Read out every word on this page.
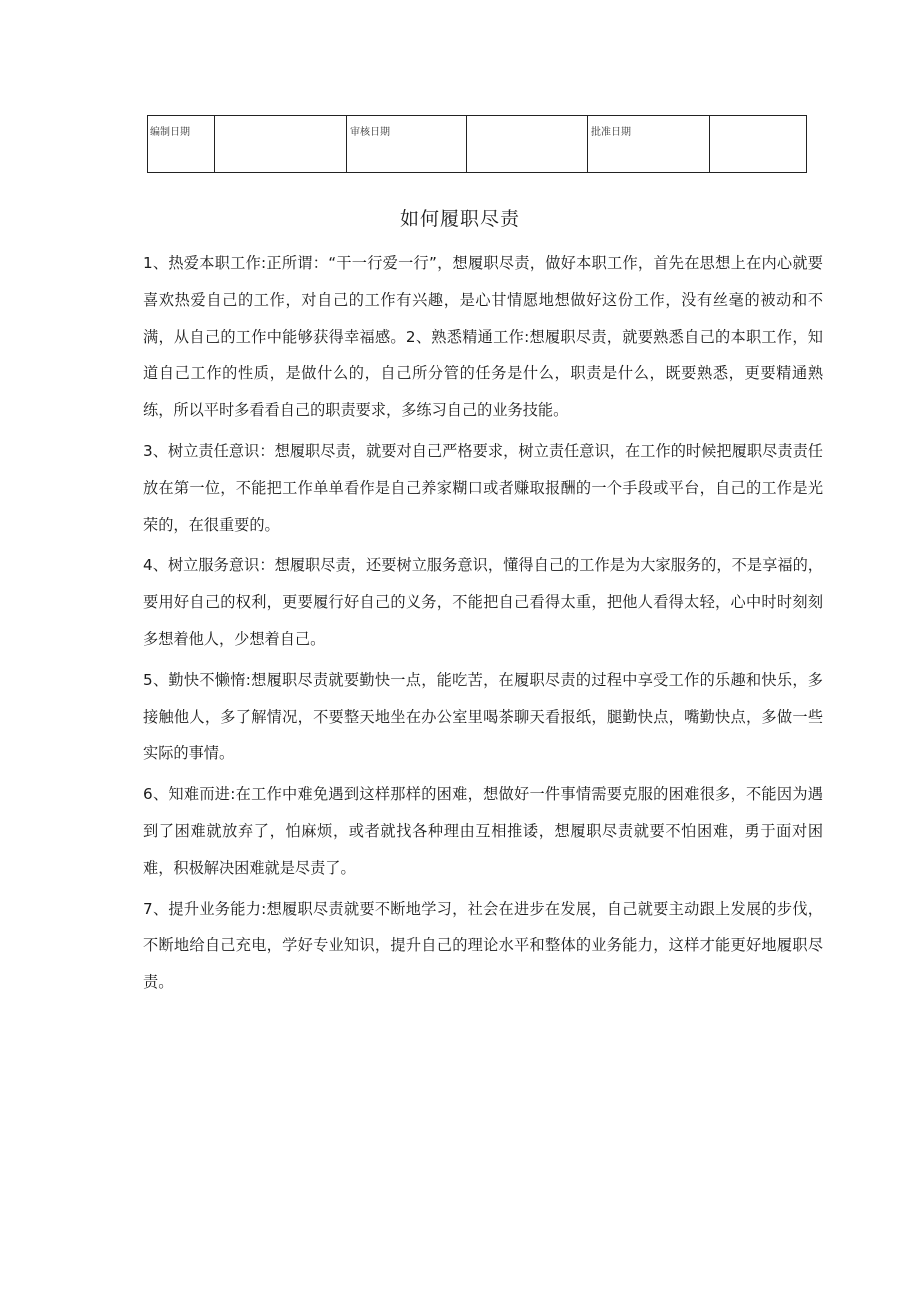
编制日期		审核日期		批准日期	
如何履职尽责

1、热爱本职工作:正所谓：“干一行爱一行”，想履职尽责，做好本职工作，首先在思想上在内心就要喜欢热爱自己的工作，对自己的工作有兴趣，是心甘情愿地想做好这份工作，没有丝毫的被动和不满，从自己的工作中能够获得幸福感。2、熟悉精通工作:想履职尽责，就要熟悉自己的本职工作，知道自己工作的性质，是做什么的，自己所分管的任务是什么，职责是什么，既要熟悉，更要精通熟练，所以平时多看看自己的职责要求，多练习自己的业务技能。

3、树立责任意识：想履职尽责，就要对自己严格要求，树立责任意识，在工作的时候把履职尽责责任放在第一位，不能把工作单单看作是自己养家糊口或者赚取报酬的一个手段或平台，自己的工作是光荣的，在很重要的。

4、树立服务意识：想履职尽责，还要树立服务意识，懂得自己的工作是为大家服务的，不是享福的，要用好自己的权利，更要履行好自己的义务，不能把自己看得太重，把他人看得太轻，心中时时刻刻多想着他人，少想着自己。

5、勤快不懒惰:想履职尽责就要勤快一点，能吃苦，在履职尽责的过程中享受工作的乐趣和快乐，多接触他人，多了解情况，不要整天地坐在办公室里喝茶聊天看报纸，腿勤快点，嘴勤快点，多做一些实际的事情。

6、知难而进:在工作中难免遇到这样那样的困难，想做好一件事情需要克服的困难很多，不能因为遇到了困难就放弃了，怕麻烦，或者就找各种理由互相推诿，想履职尽责就要不怕困难，勇于面对困难，积极解决困难就是尽责了。

7、提升业务能力:想履职尽责就要不断地学习，社会在进步在发展，自己就要主动跟上发展的步伐，不断地给自己充电，学好专业知识，提升自己的理论水平和整体的业务能力，这样才能更好地履职尽责。
